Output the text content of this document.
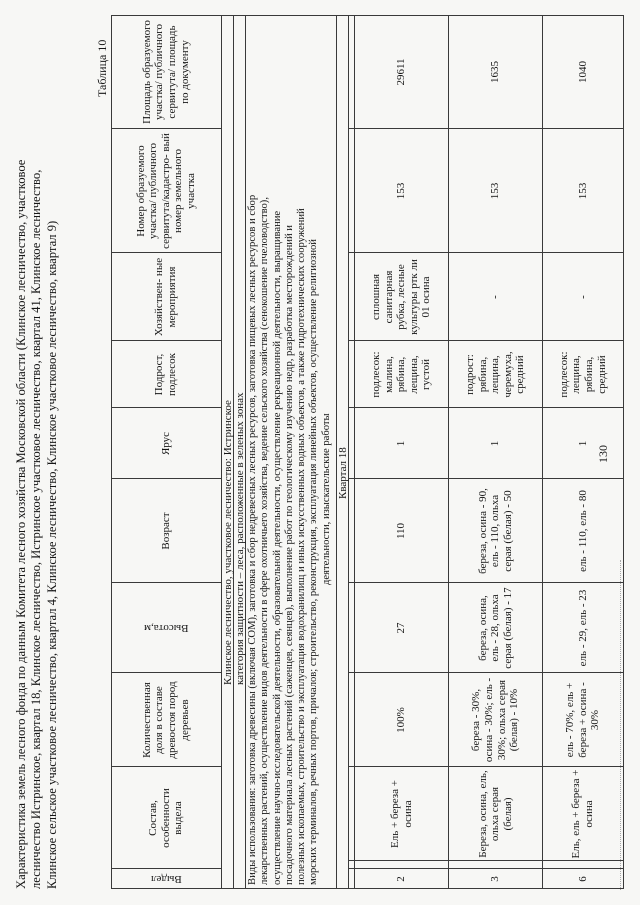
130
Характеристика земель лесного фонда по данным Комитета лесного хозяйства Московской области (Клинское лесничество, участковое лесничество Истринское, квартал 18, Клинское лесничество, Истринское участковое лесничество, квартал 41, Клинское лесничество, Клинское сельское участковое лесничество, квартал 4, Клинское лесничество, Клинское участковое лесничество, квартал 9)
Таблица 10
Выдел
Состав, особенности выдела
Количественная доля в составе древостоя пород деревьев
Высота,м
Возраст
Ярус
Подрост, подлесок
Хозяйствен- ные мероприятия
Номер образуемого участка/ публичного сервитута/кадастро- вый номер земельного участка
Площадь образуемого участка/ публичного сервитута/ площадь по документу
Клинское лесничество, участковое лесничество: Истринское категория защитности – леса, расположенные в зеленых зонах Виды использования: заготовка древесины (включая СОМ), заготовка и сбор недревесных лесных ресурсов, заготовка пищевых лесных ресурсов и сбор лекарственных растений, осуществление видов деятельности в сфере охотничьего хозяйства, ведение сельского хозяйства (сенокошение пчеловодство), осуществление научно-исследовательской деятельности, образовательной деятельности, осуществление рекреационной деятельности, выращивание посадочного материала лесных растений (саженцев, сеянцев), выполнение работ по геологическому изучению недр, разработка месторождений и полезных ископаемых, строительство и эксплуатация водохранилищ и иных искусственных водных объектов, а также гидротехнических сооружений морских терминалов, речных портов, причалов; строительство, реконструкция, эксплуатация линейных объектов, осуществление религиозной деятельности, изыскательские работы Квартал 18
2
Ель + береза + осина
100%
27
110
1
подлесок: малина, рябина, лещина, густой
сплошная санитарная рубка, лесные культуры ртк ли 01 осина
153
29611
3
Береза, осина, ель, ольха серая (белая)
береза - 30%, осина - 30%; ель - 30%; ольха серая (белая) - 10%
береза, осина, ель - 28, ольха серая (белая) - 17
береза, осина - 90, ель - 110, ольха серая (белая) - 50
1
подрост: рябина, лещина, черемуха, средний
-
153
1635
6
Ель, ель + береза + осина
ель - 70%, ель + береза + осина - 30%
ель - 29, ель - 23
ель - 110, ель - 80
1
подлесок: лещина, рябина, средний
-
153
1040
